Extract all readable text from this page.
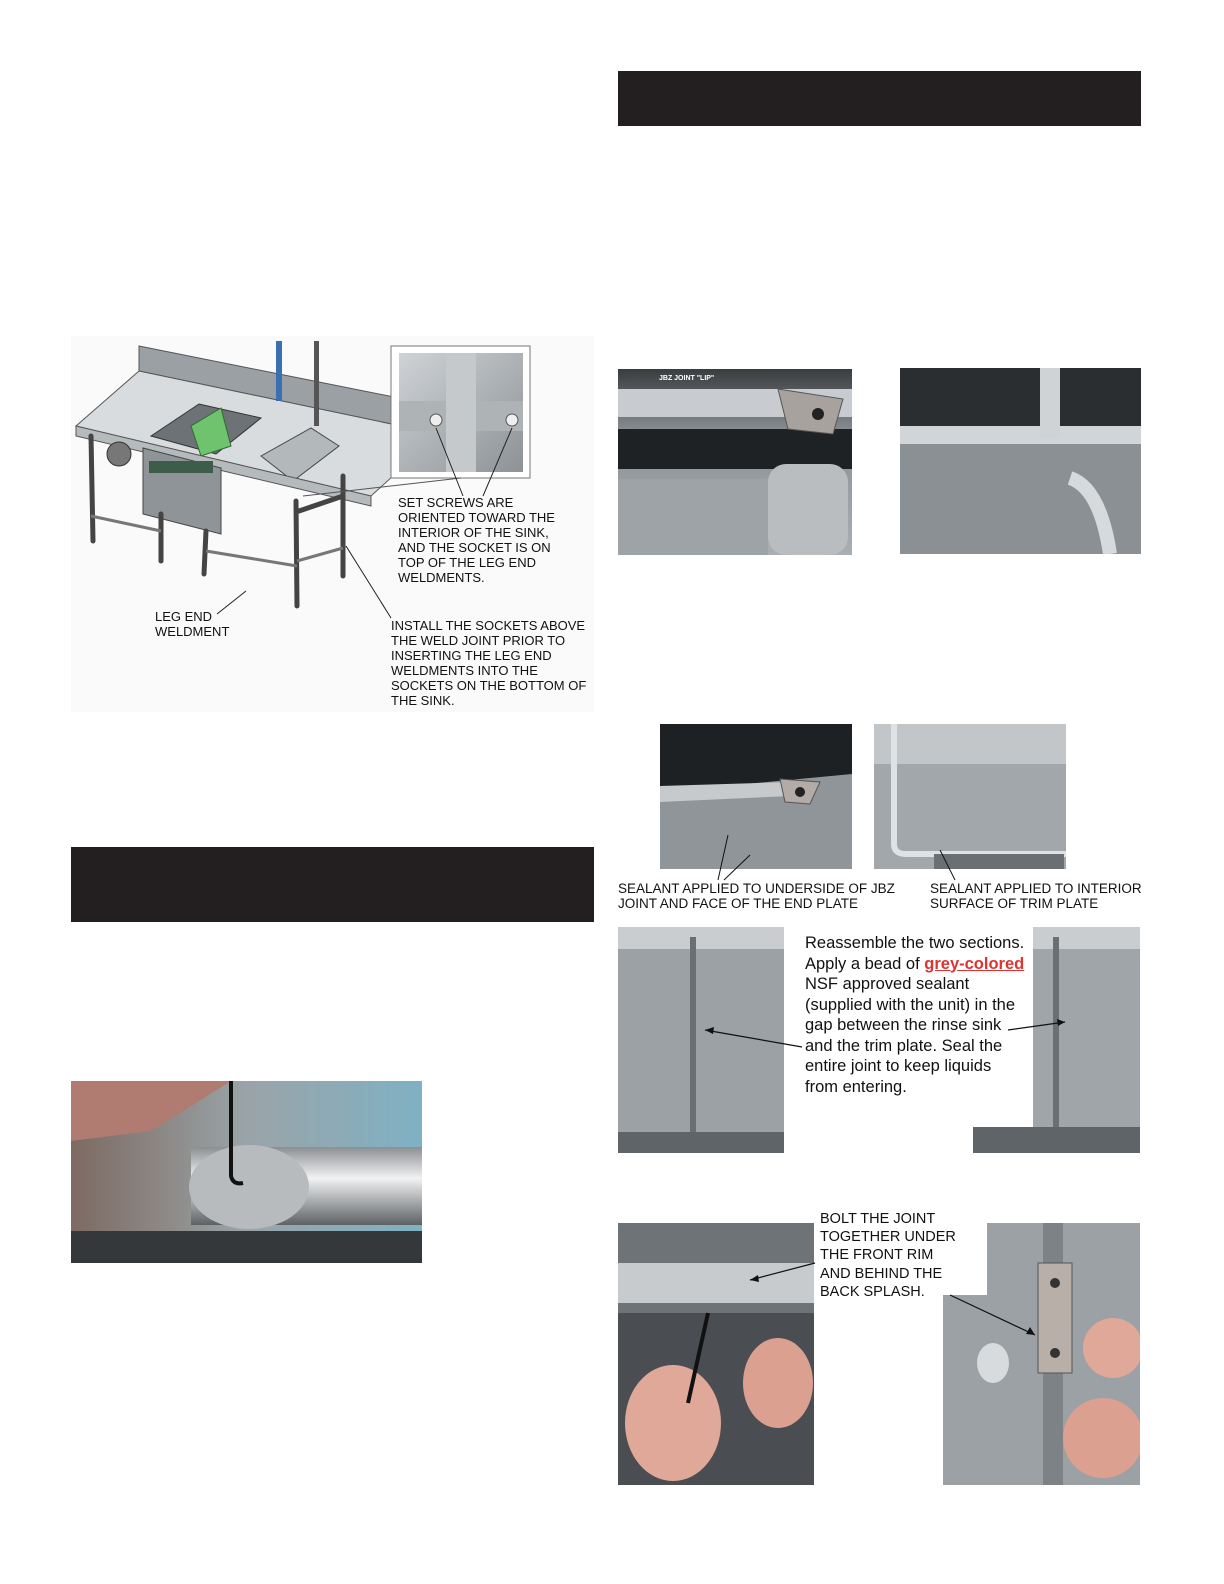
SET SCREWS ARE
ORIENTED TOWARD THE
INTERIOR OF THE SINK,
AND THE SOCKET IS ON
TOP OF THE LEG END
WELDMENTS.
LEG END
WELDMENT	INSTALL THE SOCKETS ABOVE
THE WELD JOINT PRIOR TO
INSERTING THE LEG END
WELDMENTS INTO THE
SOCKETS ON THE BOTTOM OF
THE SINK.
JBZ JOINT "LIP"
SEALANT APPLIED TO UNDERSIDE OF JBZ
JOINT AND FACE OF THE END PLATE
SEALANT APPLIED TO INTERIOR
SURFACE OF TRIM PLATE
Reassemble the two sections. Apply a bead of grey-colored NSF approved sealant (supplied with the unit) in the gap between the rinse sink and the trim plate. Seal the entire joint to keep liquids from entering.
BOLT THE JOINT
TOGETHER UNDER
THE FRONT RIM
AND BEHIND THE
BACK SPLASH.
